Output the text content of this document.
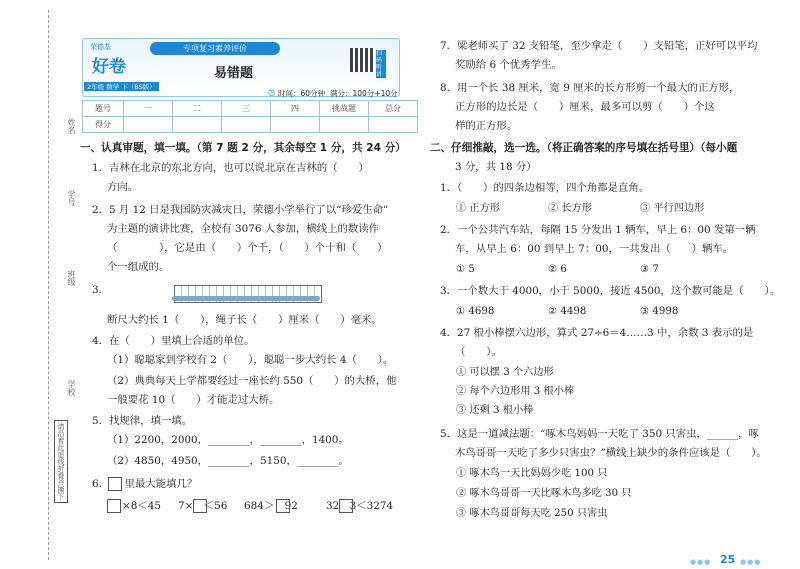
姓名
学号
班级
学校
请沿着此虚线折叠并撕下
荣德基
好卷
2年级 数学 下（BS版）
专项复习素养评价
易错题
◷ 时间：60分钟 满分：100分+10分
扫码听讲
题号	一	二	三	四	挑战题	总分
得分						
一、认真审题，填一填。（第 7 题 2 分，其余每空 1 分，共 24 分）
1．吉林在北京的东北方向，也可以说北京在吉林的（　　）
方向。
2．5 月 12 日是我国防灾减灾日，荣德小学举行了以“珍爱生命”
为主题的演讲比赛，全校有 3076 人参加，横线上的数读作
（　　　　），它是由（　　）个千，（　　）个十和（　　）
个一组成的。
3．
断尺大约长 1（　　），绳子长（　　）厘米（　　）毫米。
4．在（　　）里填上合适的单位。
（1）聪聪家到学校有 2（　　），聪聪一步大约长 4（　　）。
（2）典典每天上学都要经过一座长约 550（　　）的大桥，他
一般要花 10（　　）才能走过大桥。
5．找规律，填一填。
（1）2200，2000，________，________，1400。
（2）4850，4950，________，5150，________。
6．　　里最大能填几？
×8＜45 7×　＜56 684＞　92	32　3＜3274
7．梁老师买了 32 支铅笔，至少拿走（　　）支铅笔，正好可以平均
奖励给 6 个优秀学生。
8．用一个长 38 厘米，宽 9 厘米的长方形剪一个最大的正方形，
正方形的边长是（　　）厘米，最多可以剪（　　）个这
样的正方形。
二、仔细推敲，选一选。（将正确答案的序号填在括号里）（每小题
3 分，共 18 分）
1．（　　）的四条边相等，四个角都是直角。
① 正方形	② 长方形	③ 平行四边形
2．一个公共汽车站，每隔 15 分发出 1 辆车，早上 6：00 发第一辆
车，从早上 6：00 到早上 7：00，一共发出（　　）辆车。
① 5	② 6	③ 7
3．一个数大于 4000，小于 5000，接近 4500，这个数可能是（　　）。
① 4698	② 4498	③ 4998
4．27 根小棒摆六边形，算式 27÷6＝4……3 中，余数 3 表示的是
（　　）。
① 可以摆 3 个六边形
② 每个六边形用 3 根小棒
③ 还剩 3 根小棒
5．这是一道减法题：“啄木鸟妈妈一天吃了 350 只害虫，______，啄
木鸟哥哥一天吃了多少只害虫？”横线上缺少的条件应该是（　　）。
① 啄木鸟一天比妈妈少吃 100 只
② 啄木鸟哥哥一天比啄木鸟多吃 30 只
③ 啄木鸟哥哥每天吃 250 只害虫
●●● 25 ●●●
